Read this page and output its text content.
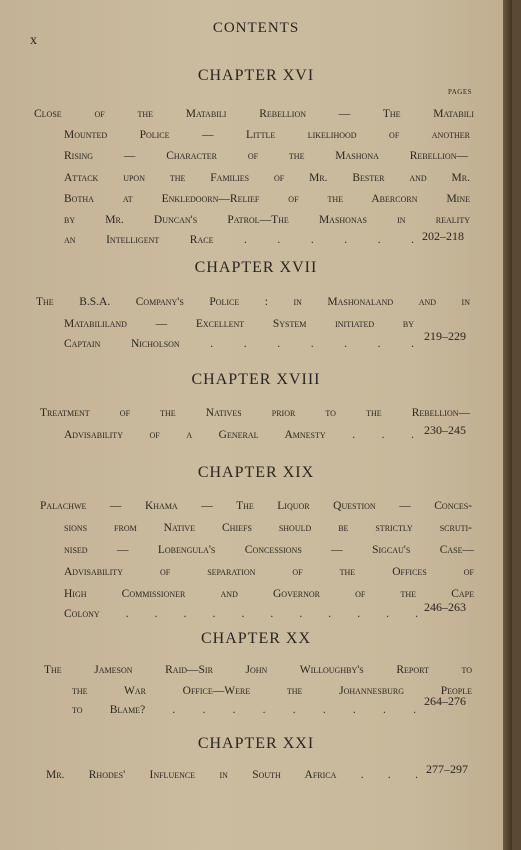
x
CONTENTS
CHAPTER XVI
PAGES
Close of the Matabili Rebellion — The Matabili
Mounted Police — Little likelihood of another
Rising — Character of the Mashona Rebellion—
Attack upon the Families of Mr. Bester and Mr.
Botha at Enkledoorn—Relief of the Abercorn Mine
by Mr. Duncan's Patrol—The Mashonas in reality
an Intelligent Race . . . . . . 202–218
CHAPTER XVII
The B.S.A. Company's Police : in Mashonaland and in
Matabililand — Excellent System initiated by
Captain Nicholson . . . . . . .
219–229
CHAPTER XVIII
Treatment of the Natives prior to the Rebellion—
Advisability of a General Amnesty . . . 230–245
CHAPTER XIX
Palachwe — Khama — The Liquor Question — Conces-
sions from Native Chiefs should be strictly scruti-
nised — Lobengula's Concessions — Sigcau's Case—
Advisability of separation of the Offices of
High Commissioner and Governor of the Cape
Colony . . . . . . . . . . . 246–263
CHAPTER XX
The Jameson Raid—Sir John Willoughby's Report to
the War Office—Were the Johannesburg People
to Blame? . . . . . . . . .
264–276
CHAPTER XXI
Mr. Rhodes' Influence in South Africa . . . 277–297
